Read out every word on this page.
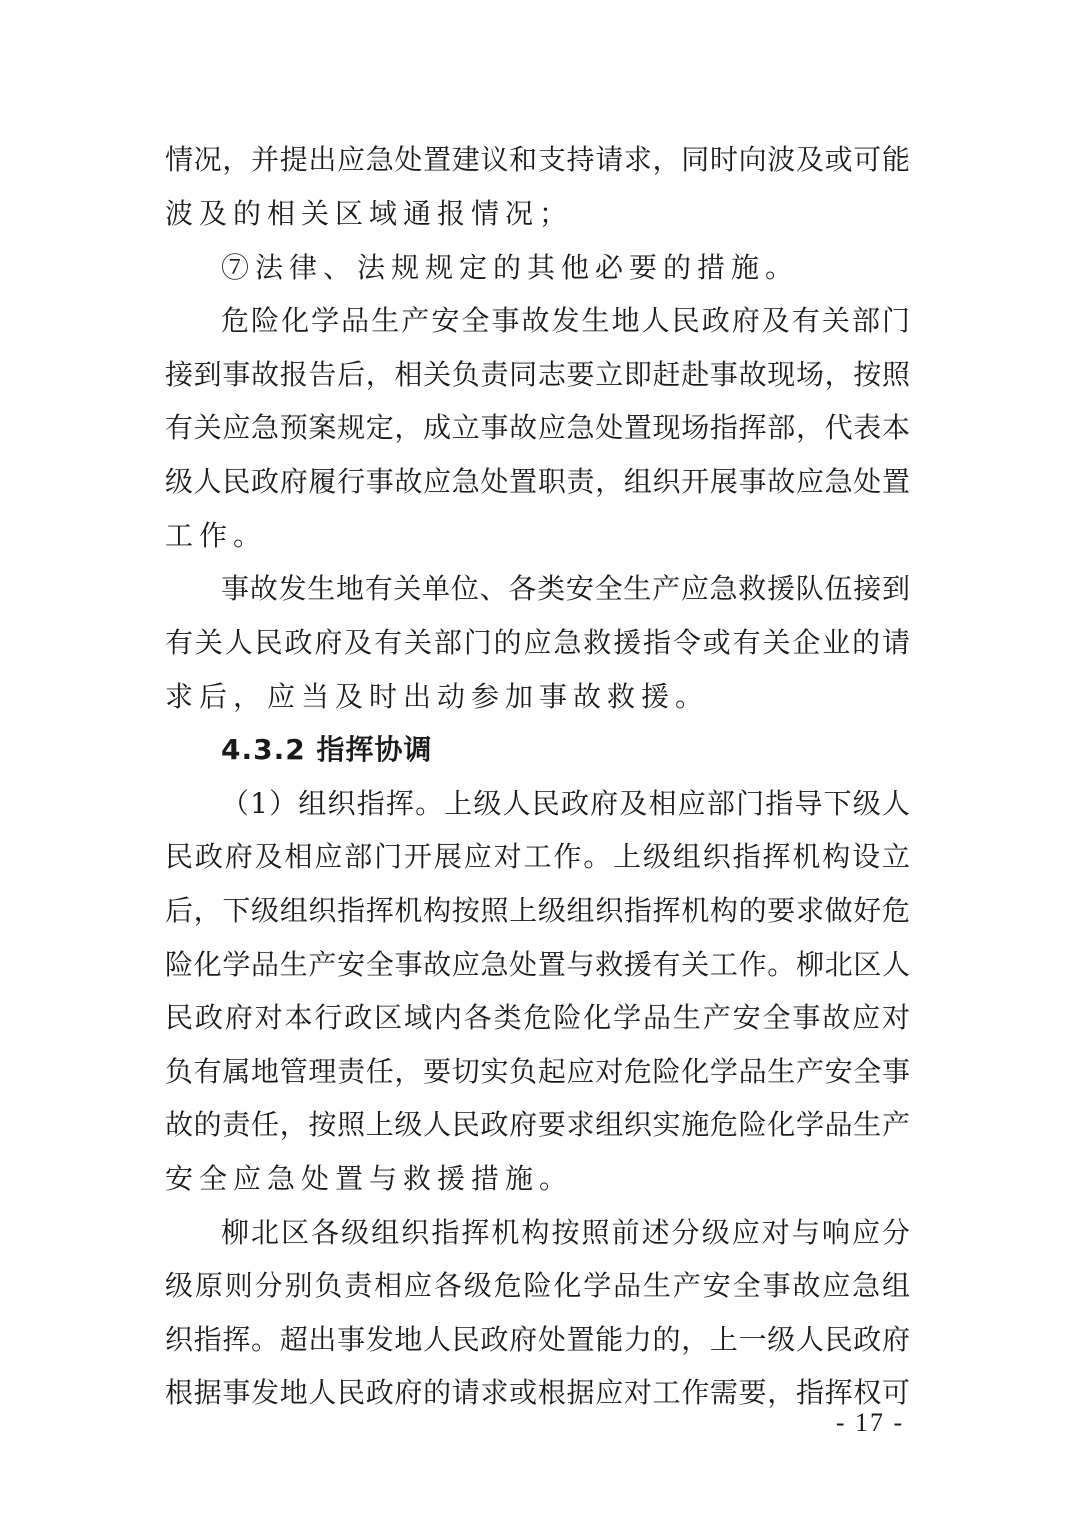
情况，并提出应急处置建议和支持请求，同时向波及或可能
波及的相关区域通报情况；
⑦法律、法规规定的其他必要的措施。
危险化学品生产安全事故发生地人民政府及有关部门
接到事故报告后，相关负责同志要立即赶赴事故现场，按照
有关应急预案规定，成立事故应急处置现场指挥部，代表本
级人民政府履行事故应急处置职责，组织开展事故应急处置
工作。
事故发生地有关单位、各类安全生产应急救援队伍接到
有关人民政府及有关部门的应急救援指令或有关企业的请
求后，应当及时出动参加事故救援。
4.3.2 指挥协调
（1）组织指挥。上级人民政府及相应部门指导下级人
民政府及相应部门开展应对工作。上级组织指挥机构设立
后，下级组织指挥机构按照上级组织指挥机构的要求做好危
险化学品生产安全事故应急处置与救援有关工作。柳北区人
民政府对本行政区域内各类危险化学品生产安全事故应对
负有属地管理责任，要切实负起应对危险化学品生产安全事
故的责任，按照上级人民政府要求组织实施危险化学品生产
安全应急处置与救援措施。
柳北区各级组织指挥机构按照前述分级应对与响应分
级原则分别负责相应各级危险化学品生产安全事故应急组
织指挥。超出事发地人民政府处置能力的，上一级人民政府
根据事发地人民政府的请求或根据应对工作需要，指挥权可
- 17 -
